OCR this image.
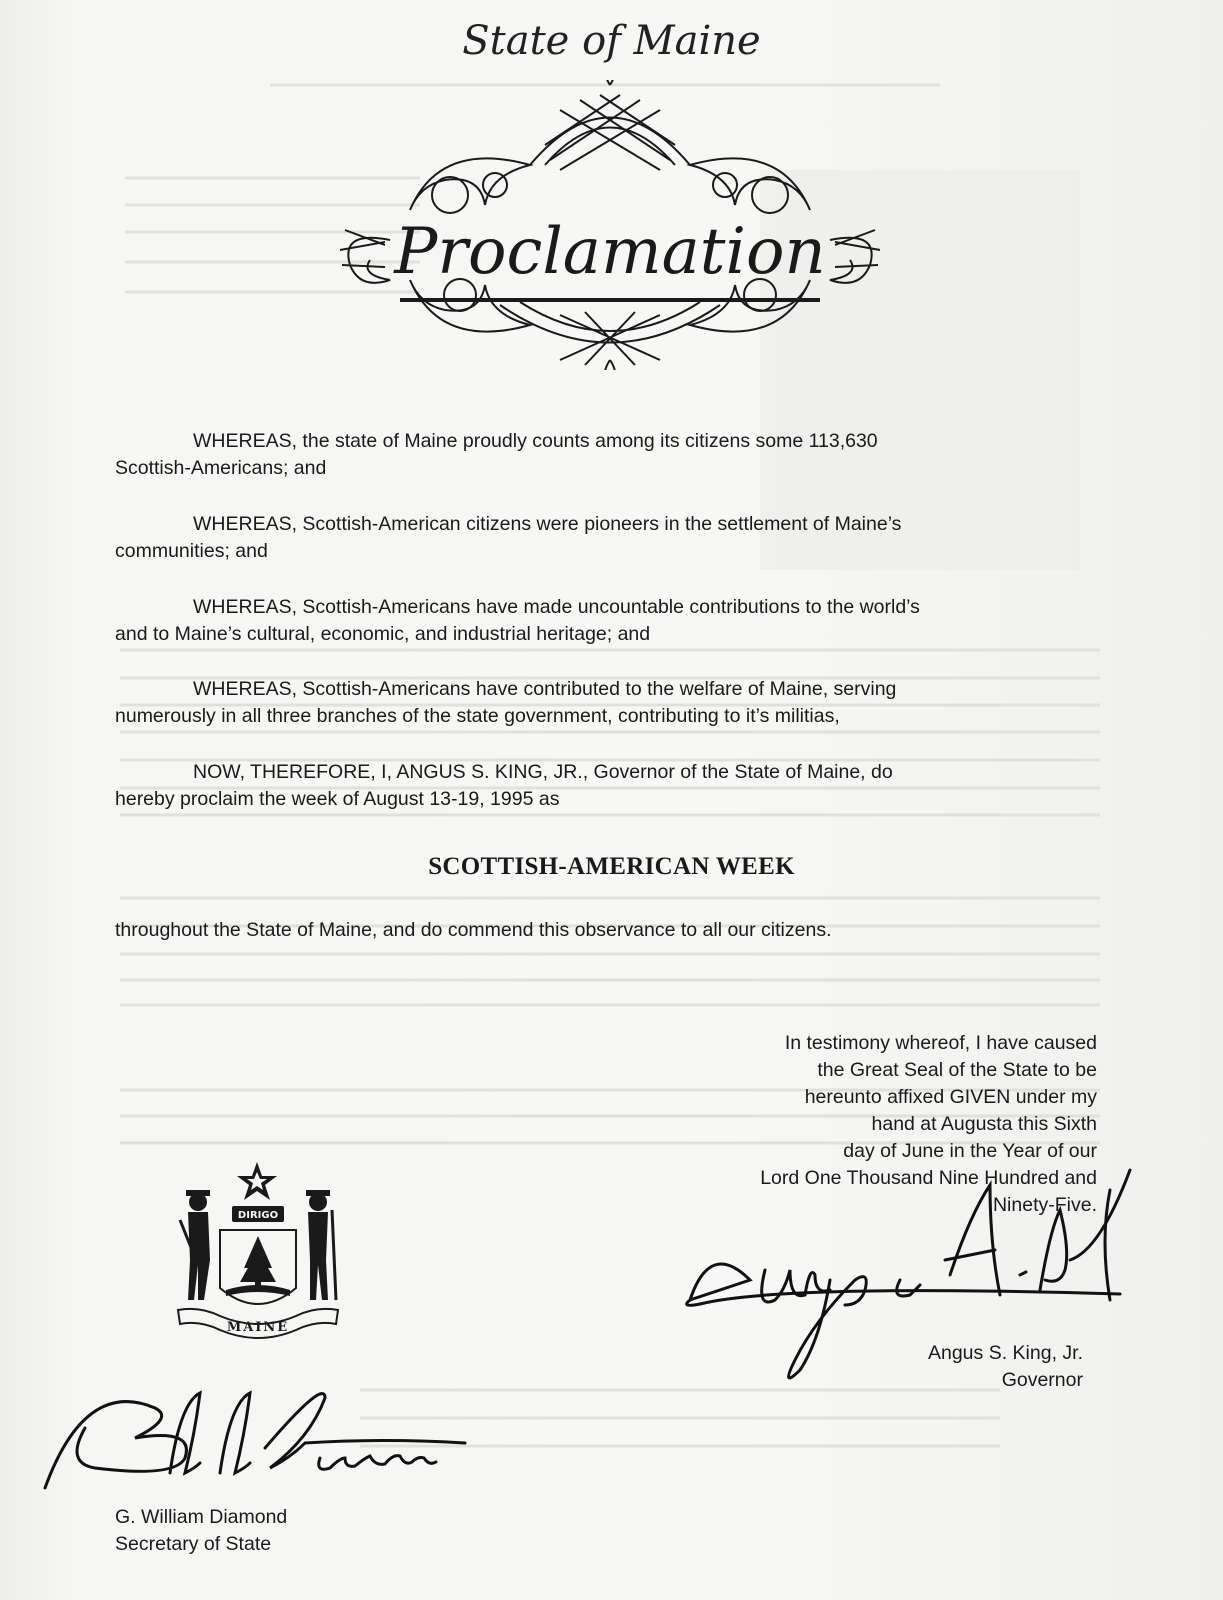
State of Maine
Proclamation
WHEREAS, the state of Maine proudly counts among its citizens some 113,630
Scottish-Americans; and
WHEREAS, Scottish-American citizens were pioneers in the settlement of Maine’s
communities; and
WHEREAS, Scottish-Americans have made uncountable contributions to the world’s
and to Maine’s cultural, economic, and industrial heritage; and
WHEREAS, Scottish-Americans have contributed to the welfare of Maine, serving
numerously in all three branches of the state government, contributing to it’s militias,
NOW, THEREFORE, I, ANGUS S. KING, JR., Governor of the State of Maine, do
hereby proclaim the week of August 13-19, 1995 as
SCOTTISH-AMERICAN WEEK
throughout the State of Maine, and do commend this observance to all our citizens.
In testimony whereof, I have caused
the Great Seal of the State to be
hereunto affixed GIVEN under my
hand at Augusta this Sixth
day of June in the Year of our
Lord One Thousand Nine Hundred and
Ninety-Five.
DIRIGO
MAINE
Angus S. King, Jr.
Governor
G. William Diamond
Secretary of State
